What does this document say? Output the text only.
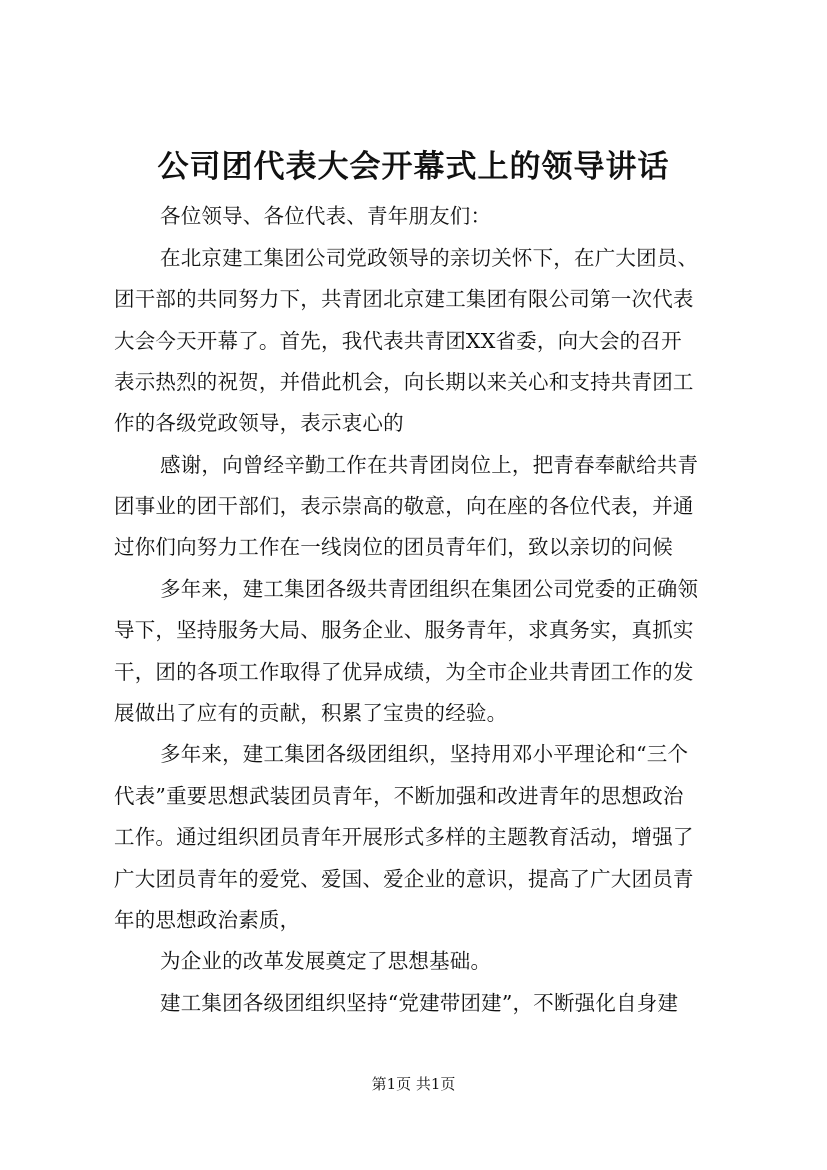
公司团代表大会开幕式上的领导讲话
各位领导、各位代表、青年朋友们：
在北京建工集团公司党政领导的亲切关怀下，在广大团员、
团干部的共同努力下，共青团北京建工集团有限公司第一次代表
大会今天开幕了。首先，我代表共青团XX省委，向大会的召开
表示热烈的祝贺，并借此机会，向长期以来关心和支持共青团工
作的各级党政领导，表示衷心的
感谢，向曾经辛勤工作在共青团岗位上，把青春奉献给共青
团事业的团干部们，表示崇高的敬意，向在座的各位代表，并通
过你们向努力工作在一线岗位的团员青年们，致以亲切的问候
多年来，建工集团各级共青团组织在集团公司党委的正确领
导下，坚持服务大局、服务企业、服务青年，求真务实，真抓实
干，团的各项工作取得了优异成绩，为全市企业共青团工作的发
展做出了应有的贡献，积累了宝贵的经验。
多年来，建工集团各级团组织，坚持用邓小平理论和“三个
代表”重要思想武装团员青年，不断加强和改进青年的思想政治
工作。通过组织团员青年开展形式多样的主题教育活动，增强了
广大团员青年的爱党、爱国、爱企业的意识，提高了广大团员青
年的思想政治素质，
为企业的改革发展奠定了思想基础。
建工集团各级团组织坚持“党建带团建”，不断强化自身建
第1页 共1页
